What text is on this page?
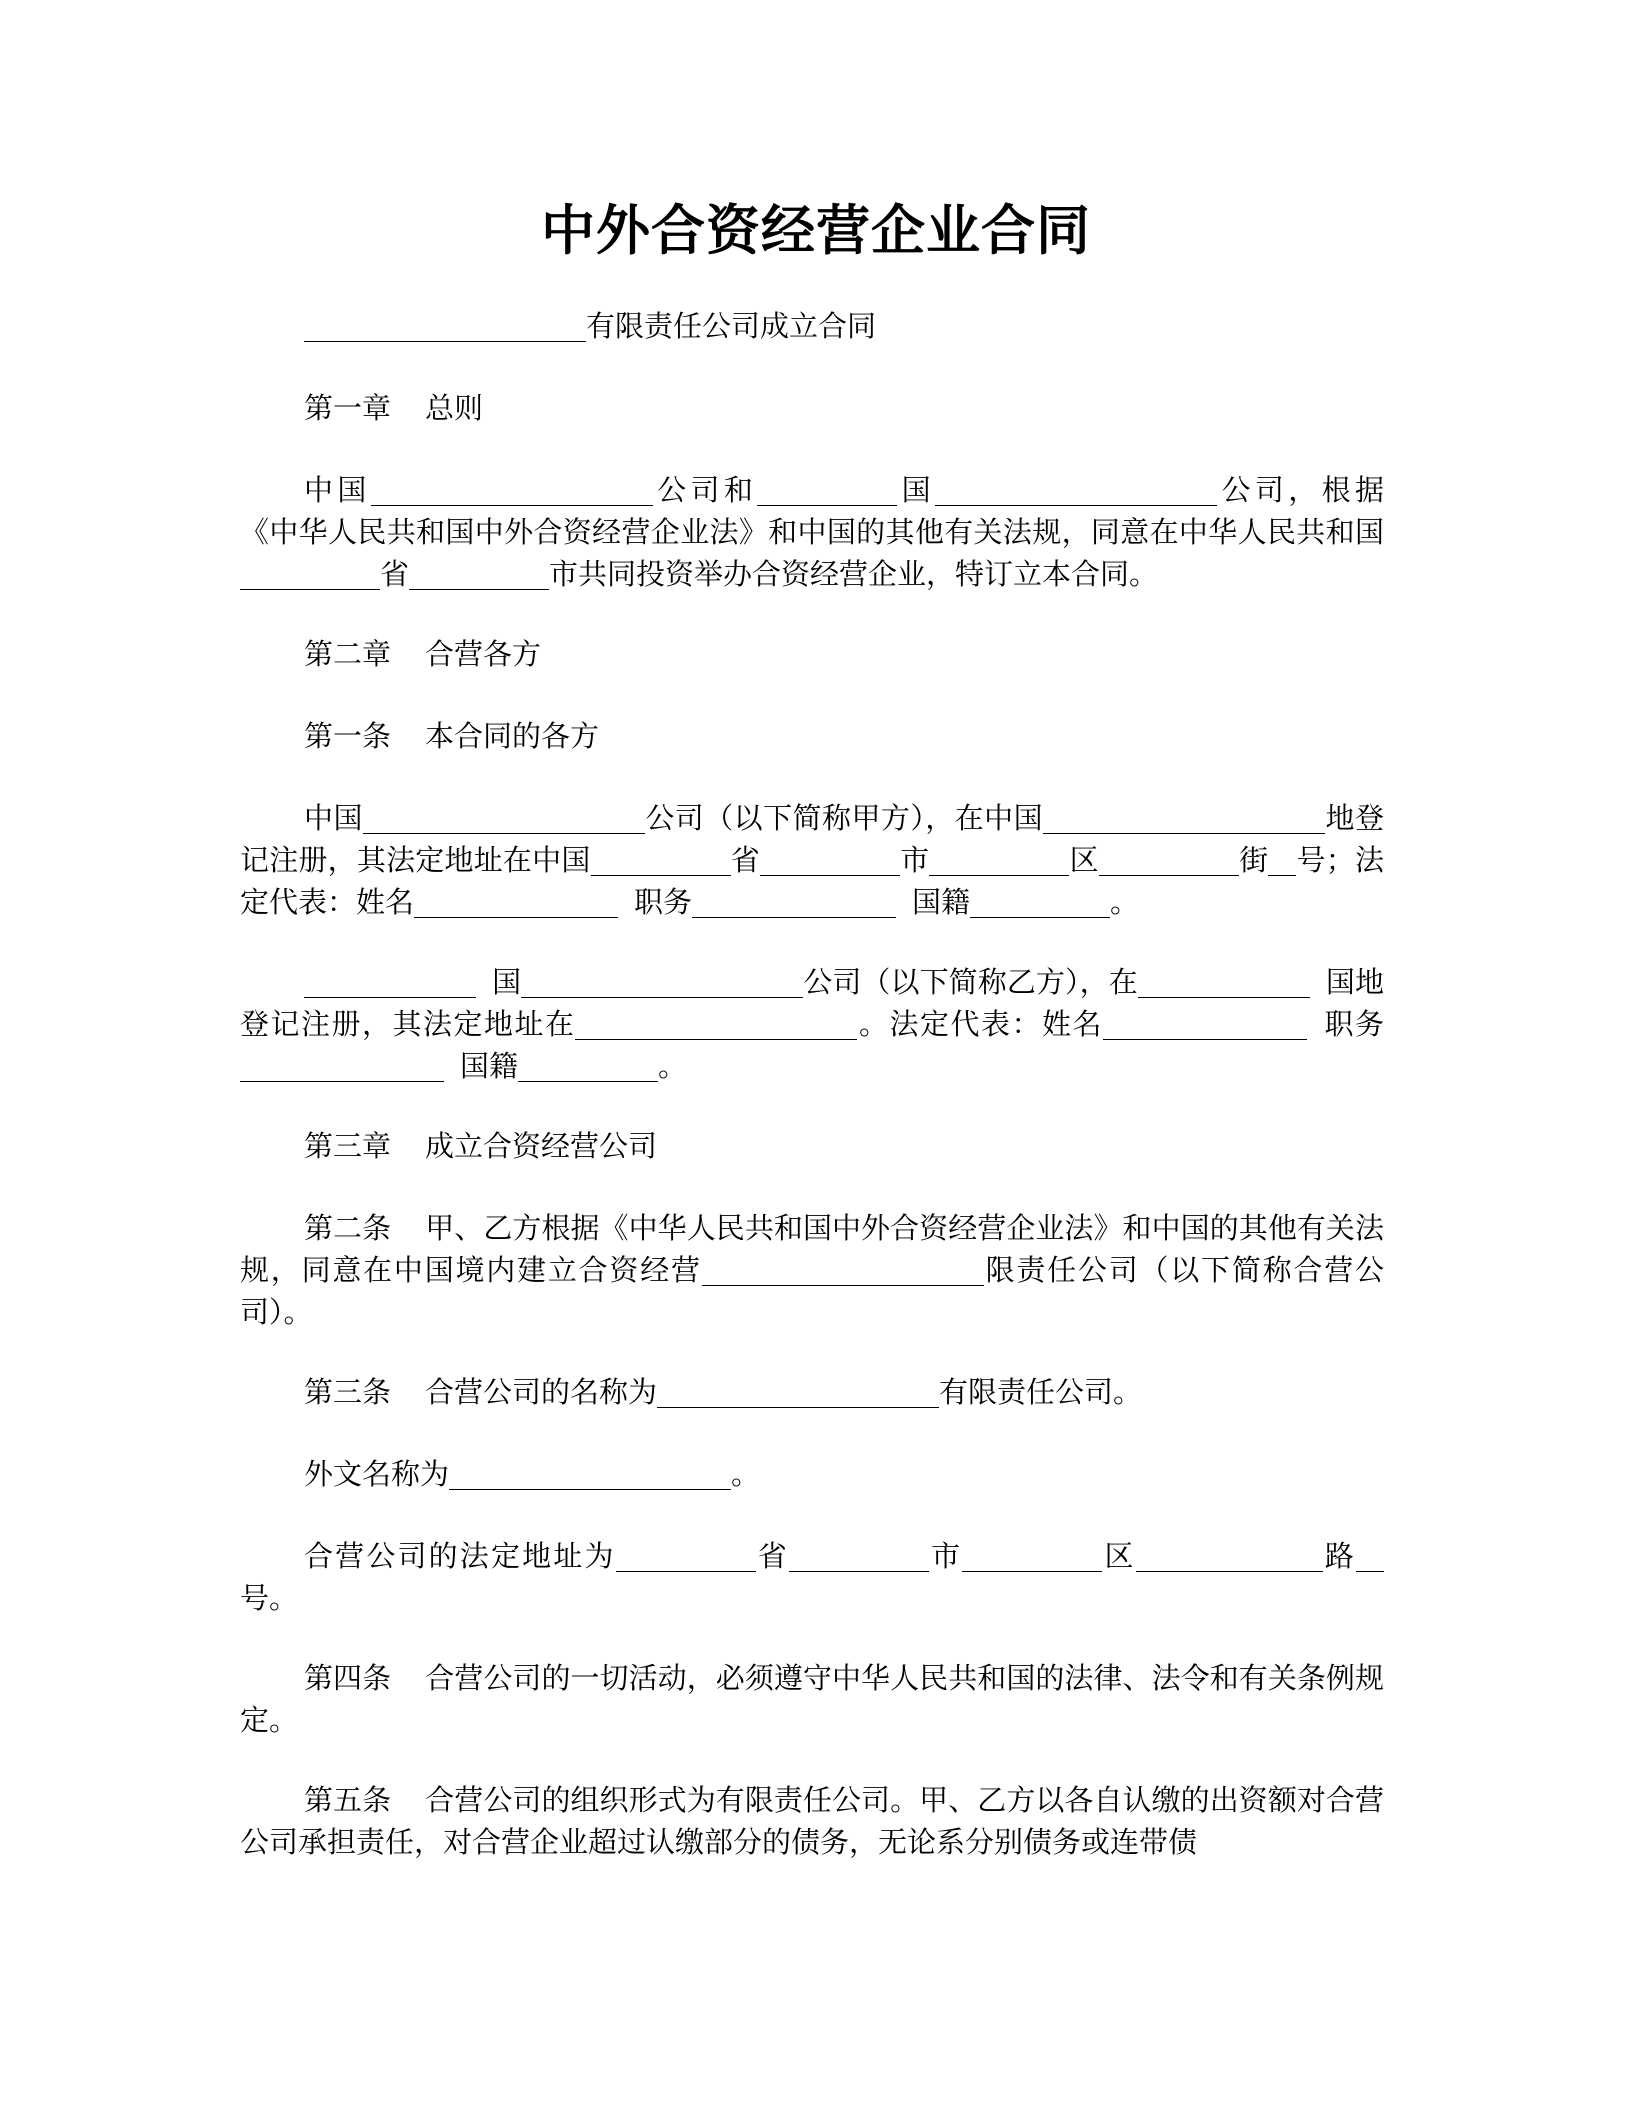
中外合资经营企业合同

有限责任公司成立合同

第一章 总则

中国	公司和	国	公司，根据《中华人民共和国中外合资经营企业法》和中国的其他有关法规，同意在中华人民共和国省	市共同投资举办合资经营企业，特订立本合同。

第二章 合营各方

第一条 本合同的各方

中国	公司（以下简称甲方），在中国	地登记注册，其法定地址在中国	省	市	区	街 号；法定代表：姓名	职务	国籍	。

国	公司（以下简称乙方），在	国地登记注册，其法定地址在	。法定代表：姓名	职务国籍	。

第三章 成立合资经营公司

第二条 甲、乙方根据《中华人民共和国中外合资经营企业法》和中国的其他有关法规，同意在中国境内建立合资经营	限责任公司（以下简称合营公司）。

第三条 合营公司的名称为	有限责任公司。

外文名称为	。

合营公司的法定地址为	省	市	区	路号。

第四条 合营公司的一切活动，必须遵守中华人民共和国的法律、法令和有关条例规定。

第五条 合营公司的组织形式为有限责任公司。甲、乙方以各自认缴的出资额对合营公司承担责任，对合营企业超过认缴部分的债务，无论系分别债务或连带债
